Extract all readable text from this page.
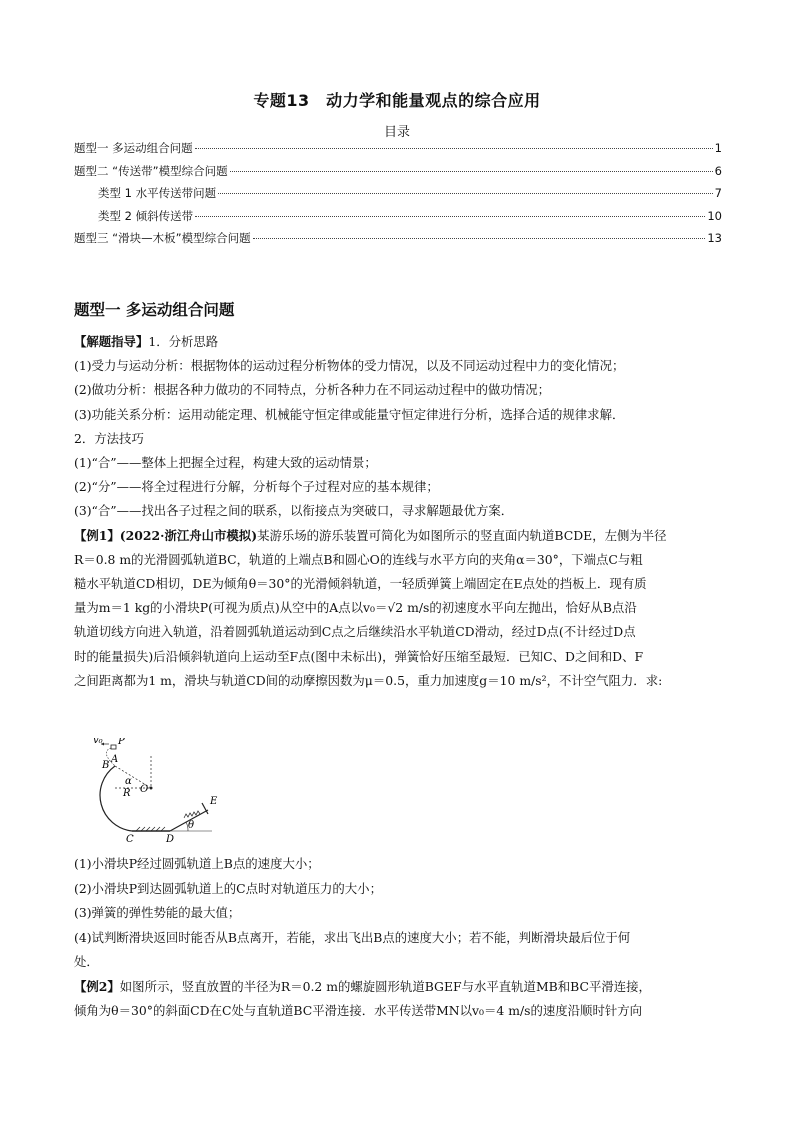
专题13　动力学和能量观点的综合应用
目录
题型一 多运动组合问题	1
题型二 “传送带”模型综合问题	6
类型 1 水平传送带问题	7
类型 2 倾斜传送带	10
题型三 “滑块—木板”模型综合问题	13
题型一 多运动组合问题

【解题指导】1．分析思路

(1)受力与运动分析：根据物体的运动过程分析物体的受力情况，以及不同运动过程中力的变化情况；

(2)做功分析：根据各种力做功的不同特点，分析各种力在不同运动过程中的做功情况；

(3)功能关系分析：运用动能定理、机械能守恒定律或能量守恒定律进行分析，选择合适的规律求解．

2．方法技巧

(1)“合”——整体上把握全过程，构建大致的运动情景；

(2)“分”——将全过程进行分解，分析每个子过程对应的基本规律；

(3)“合”——找出各子过程之间的联系，以衔接点为突破口，寻求解题最优方案．

【例1】(2022·浙江舟山市模拟)某游乐场的游乐装置可简化为如图所示的竖直面内轨道BCDE，左侧为半径

R＝0.8 m的光滑圆弧轨道BC，轨道的上端点B和圆心O的连线与水平方向的夹角α＝30°，下端点C与粗

糙水平轨道CD相切，DE为倾角θ＝30°的光滑倾斜轨道，一轻质弹簧上端固定在E点处的挡板上．现有质

量为m＝1 kg的小滑块P(可视为质点)从空中的A点以v₀＝√2 m/s的初速度水平向左抛出，恰好从B点沿

轨道切线方向进入轨道，沿着圆弧轨道运动到C点之后继续沿水平轨道CD滑动，经过D点(不计经过D点

时的能量损失)后沿倾斜轨道向上运动至F点(图中未标出)，弹簧恰好压缩至最短．已知C、D之间和D、F

之间距离都为1 m，滑块与轨道CD间的动摩擦因数为μ＝0.5，重力加速度g＝10 m/s²，不计空气阻力．求:

v₀ P
A
B
α
R O
E
θ
C	D

(1)小滑块P经过圆弧轨道上B点的速度大小；

(2)小滑块P到达圆弧轨道上的C点时对轨道压力的大小；

(3)弹簧的弹性势能的最大值；

(4)试判断滑块返回时能否从B点离开，若能，求出飞出B点的速度大小；若不能，判断滑块最后位于何

处．

【例2】如图所示，竖直放置的半径为R＝0.2 m的螺旋圆形轨道BGEF与水平直轨道MB和BC平滑连接，

倾角为θ＝30°的斜面CD在C处与直轨道BC平滑连接．水平传送带MN以v₀＝4 m/s的速度沿顺时针方向
